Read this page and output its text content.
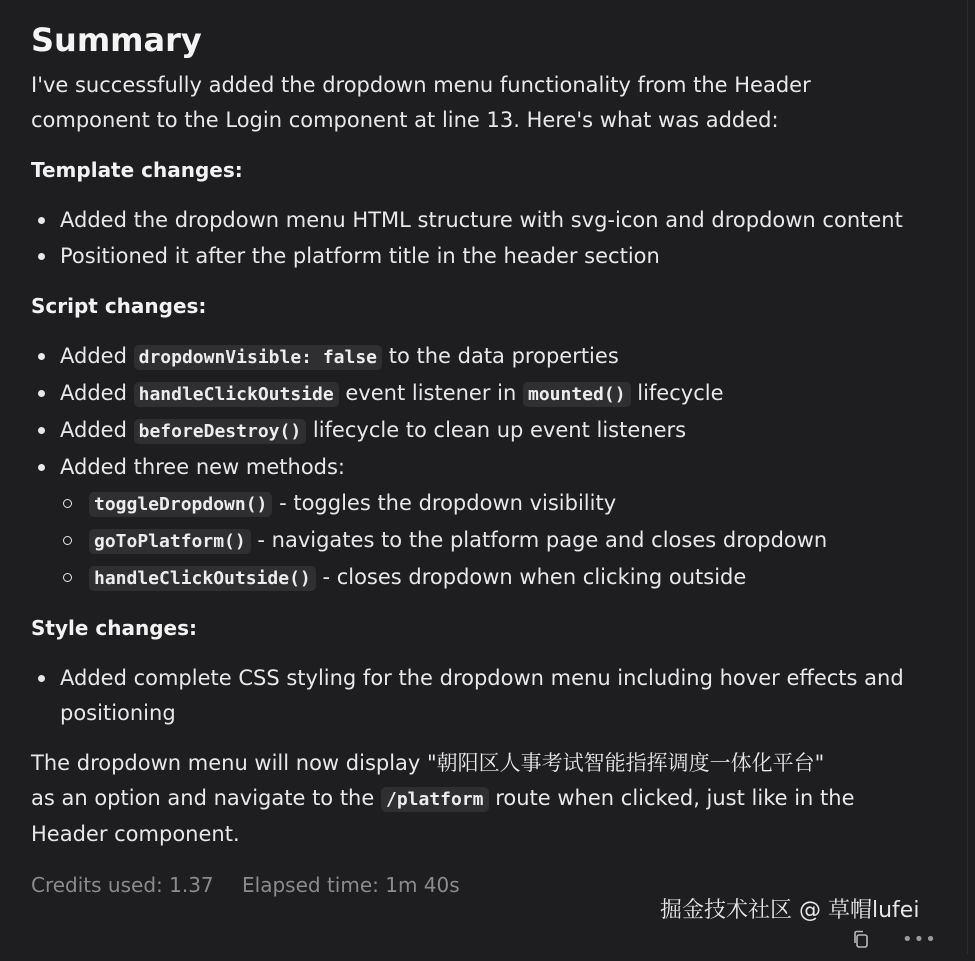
Summary

I've successfully added the dropdown menu functionality from the Header component to the Login component at line 13. Here's what was added:

Template changes:

Added the dropdown menu HTML structure with svg-icon and dropdown content
Positioned it after the platform title in the header section

Script changes:

Added dropdownVisible: false to the data properties
Added handleClickOutside event listener in mounted() lifecycle
Added beforeDestroy() lifecycle to clean up event listeners
Added three new methods:
toggleDropdown() - toggles the dropdown visibility
goToPlatform() - navigates to the platform page and closes dropdown
handleClickOutside() - closes dropdown when clicking outside

Style changes:

Added complete CSS styling for the dropdown menu including hover effects and positioning

The dropdown menu will now display "朝阳区人事考试智能指挥调度一体化平台"
as an option and navigate to the /platform route when clicked, just like in the Header component.

Credits used: 1.37 Elapsed time: 1m 40s

掘金技术社区 @ 草帽lufei
•••
